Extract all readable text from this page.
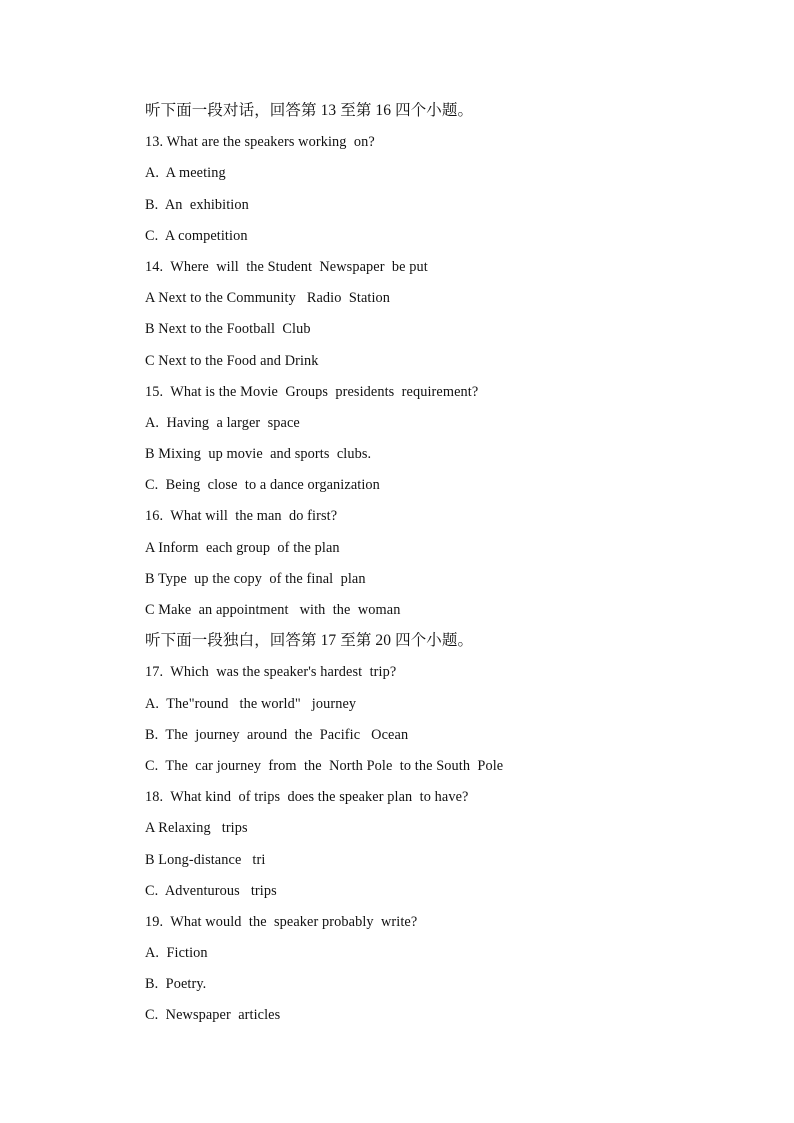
听下面一段对话，回答第 13 至第 16 四个小题。
13. What are the speakers working  on?
A.  A meeting
B.  An  exhibition
C.  A competition
14.  Where  will  the Student  Newspaper  be put
A Next to the Community   Radio  Station
B Next to the Football  Club
C Next to the Food and Drink
15.  What is the Movie  Groups  presidents  requirement?
A.  Having  a larger  space
B Mixing  up movie  and sports  clubs.
C.  Being  close  to a dance organization
16.  What will  the man  do first?
A Inform  each group  of the plan
B Type  up the copy  of the final  plan
C Make  an appointment   with  the  woman
听下面一段独白，回答第 17 至第 20 四个小题。
17.  Which  was the speaker's hardest  trip?
A.  The"round   the world"   journey
B.  The  journey  around  the  Pacific   Ocean
C.  The  car journey  from  the  North Pole  to the South  Pole
18.  What kind  of trips  does the speaker plan  to have?
A Relaxing   trips
B Long-distance   tri
C.  Adventurous   trips
19.  What would  the  speaker probably  write?
A.  Fiction
B.  Poetry.
C.  Newspaper  articles
